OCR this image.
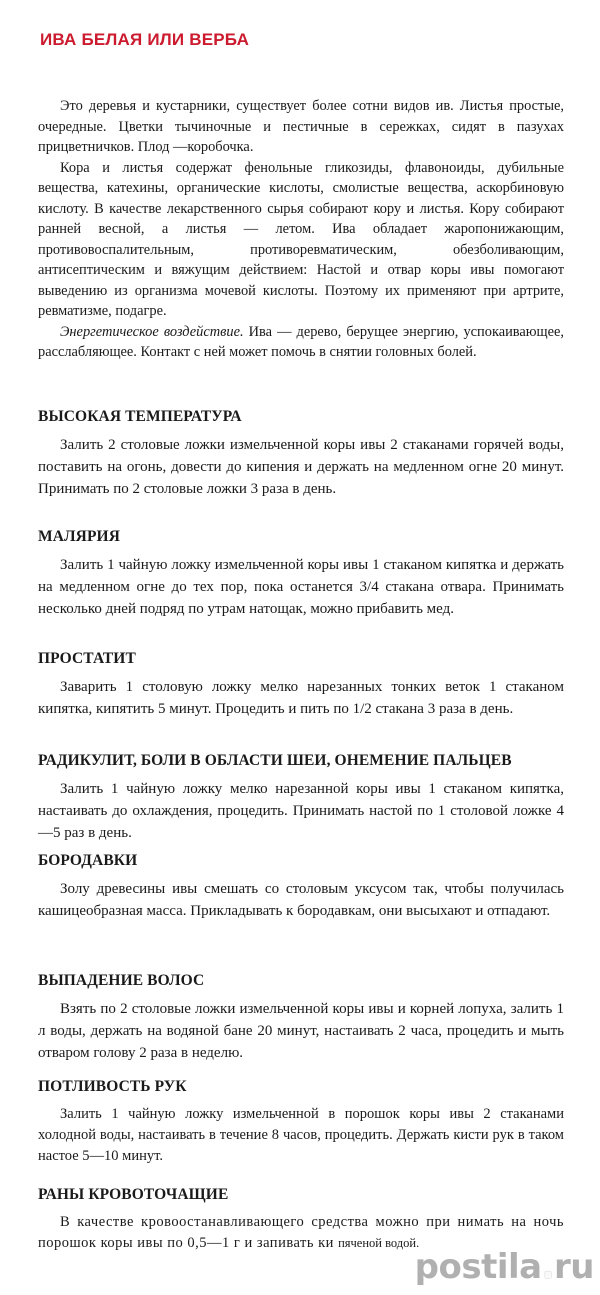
ИВА БЕЛАЯ ИЛИ ВЕРБА

Это деревья и кустарники, существует более сотни видов ив. Листья простые, очередные. Цветки тычиночные и пестичные в сережках, сидят в пазухах прицветничков. Плод —коробочка.

Кора и листья содержат фенольные гликозиды, флавоноиды, дубильные вещества, катехины, органические кислоты, смолистые вещества, аскорбиновую кислоту. В качестве лекарственного сырья собирают кору и листья. Кору собирают ранней весной, а листья — летом. Ива обладает жаропонижающим, противовоспалительным, противоревматическим, обезболивающим, антисептическим и вяжущим действием: Настой и отвар коры ивы помогают выведению из организма мочевой кислоты. Поэтому их применяют при артрите, ревматизме, подагре.

Энергетическое воздействие. Ива — дерево, берущее энергию, успокаивающее, расслабляющее. Контакт с ней может помочь в снятии головных болей.

ВЫСОКАЯ ТЕМПЕРАТУРА

Залить 2 столовые ложки измельченной коры ивы 2 стаканами горячей воды, поставить на огонь, довести до кипения и держать на медленном огне 20 минут. Принимать по 2 столовые ложки 3 раза в день.

МАЛЯРИЯ

Залить 1 чайную ложку измельченной коры ивы 1 стаканом кипятка и держать на медленном огне до тех пор, пока останется 3/4 стакана отвара. Принимать несколько дней подряд по утрам натощак, можно прибавить мед.

ПРОСТАТИТ

Заварить 1 столовую ложку мелко нарезанных тонких веток 1 стаканом кипятка, кипятить 5 минут. Процедить и пить по 1/2 стакана 3 раза в день.

РАДИКУЛИТ, БОЛИ В ОБЛАСТИ ШЕИ, ОНЕМЕНИЕ ПАЛЬЦЕВ

Залить 1 чайную ложку мелко нарезанной коры ивы 1 стаканом кипятка, настаивать до охлаждения, процедить. Принимать настой по 1 столовой ложке 4—5 раз в день.

БОРОДАВКИ

Золу древесины ивы смешать со столовым уксусом так, чтобы получилась кашицеобразная масса. Прикладывать к бородавкам, они высыхают и отпадают.

ВЫПАДЕНИЕ ВОЛОС

Взять по 2 столовые ложки измельченной коры ивы и корней лопуха, залить 1 л воды, держать на водяной бане 20 минут, настаивать 2 часа, процедить и мыть отваром голову 2 раза в неделю.

ПОТЛИВОСТЬ РУК

Залить 1 чайную ложку измельченной в порошок коры ивы 2 стаканами холодной воды, настаивать в течение 8 часов, процедить. Держать кисти рук в таком настое 5—10 минут.

РАНЫ КРОВОТОЧАЩИЕ

В качестве кровоостанавливающего средства можно при нимать на ночь порошок коры ивы по 0,5—1 г и запивать ки пяченой водой.

postila.ru
